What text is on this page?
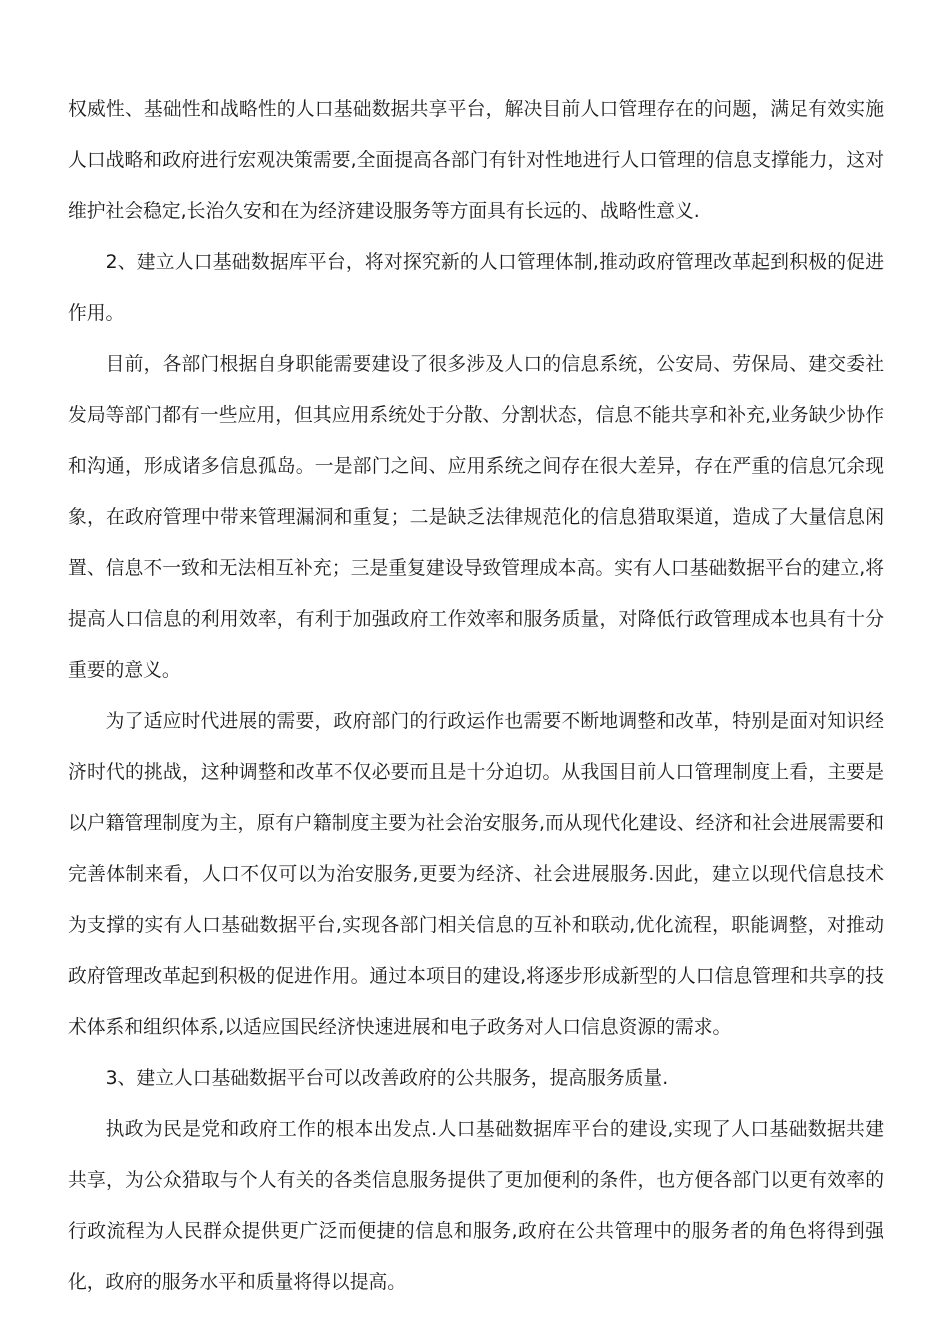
权威性、基础性和战略性的人口基础数据共享平台，解决目前人口管理存在的问题，满足有效实施人口战略和政府进行宏观决策需要,全面提高各部门有针对性地进行人口管理的信息支撑能力，这对维护社会稳定,长治久安和在为经济建设服务等方面具有长远的、战略性意义.

2、建立人口基础数据库平台，将对探究新的人口管理体制,推动政府管理改革起到积极的促进作用。

目前，各部门根据自身职能需要建设了很多涉及人口的信息系统，公安局、劳保局、建交委社发局等部门都有一些应用，但其应用系统处于分散、分割状态，信息不能共享和补充,业务缺少协作和沟通，形成诸多信息孤岛。一是部门之间、应用系统之间存在很大差异，存在严重的信息冗余现象，在政府管理中带来管理漏洞和重复；二是缺乏法律规范化的信息猎取渠道，造成了大量信息闲置、信息不一致和无法相互补充；三是重复建设导致管理成本高。实有人口基础数据平台的建立,将提高人口信息的利用效率，有利于加强政府工作效率和服务质量，对降低行政管理成本也具有十分重要的意义。

为了适应时代进展的需要，政府部门的行政运作也需要不断地调整和改革，特别是面对知识经济时代的挑战，这种调整和改革不仅必要而且是十分迫切。从我国目前人口管理制度上看，主要是以户籍管理制度为主，原有户籍制度主要为社会治安服务,而从现代化建设、经济和社会进展需要和完善体制来看，人口不仅可以为治安服务,更要为经济、社会进展服务.因此，建立以现代信息技术为支撑的实有人口基础数据平台,实现各部门相关信息的互补和联动,优化流程，职能调整，对推动政府管理改革起到积极的促进作用。通过本项目的建设,将逐步形成新型的人口信息管理和共享的技术体系和组织体系,以适应国民经济快速进展和电子政务对人口信息资源的需求。

3、建立人口基础数据平台可以改善政府的公共服务，提高服务质量.

执政为民是党和政府工作的根本出发点.人口基础数据库平台的建设,实现了人口基础数据共建共享，为公众猎取与个人有关的各类信息服务提供了更加便利的条件，也方便各部门以更有效率的行政流程为人民群众提供更广泛而便捷的信息和服务,政府在公共管理中的服务者的角色将得到强化，政府的服务水平和质量将得以提高。
